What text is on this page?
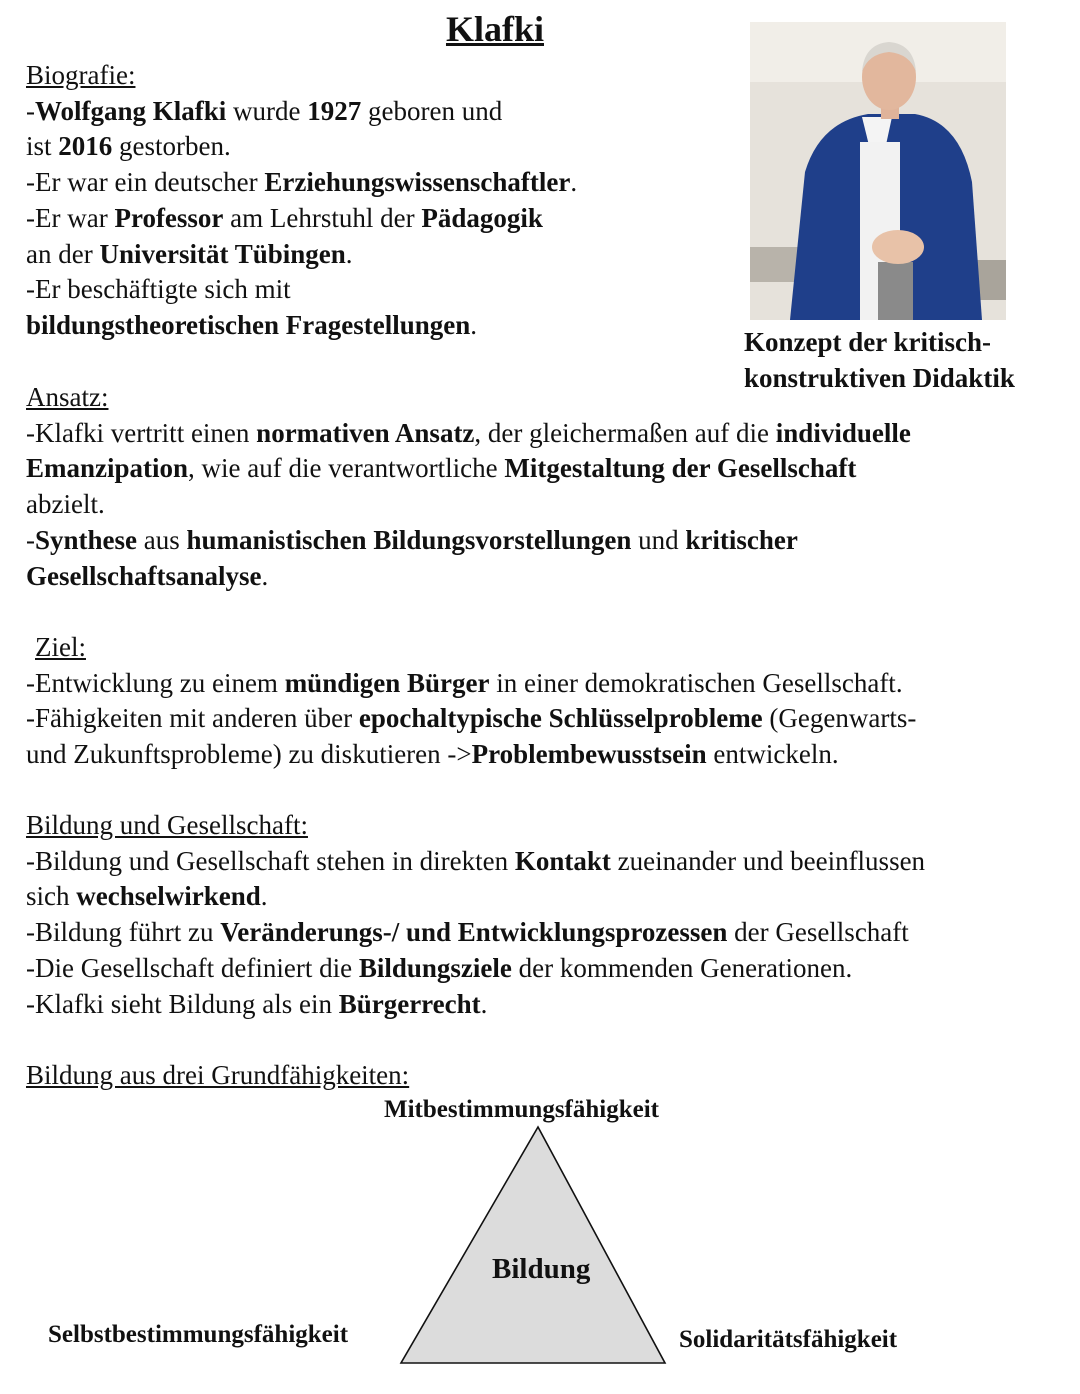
Klafki
Biografie:
-Wolfgang Klafki wurde 1927 geboren und
ist 2016 gestorben.
-Er war ein deutscher Erziehungswissenschaftler.
-Er war Professor am Lehrstuhl der Pädagogik
an der Universität Tübingen.
-Er beschäftigte sich mit
bildungstheoretischen Fragestellungen.
Konzept der kritisch-
konstruktiven Didaktik
Ansatz:
-Klafki vertritt einen normativen Ansatz, der gleichermaßen auf die individuelle
Emanzipation, wie auf die verantwortliche Mitgestaltung der Gesellschaft
abzielt.
-Synthese aus humanistischen Bildungsvorstellungen und kritischer
Gesellschaftsanalyse.
Ziel:
-Entwicklung zu einem mündigen Bürger in einer demokratischen Gesellschaft.
-Fähigkeiten mit anderen über epochaltypische Schlüsselprobleme (Gegenwarts-
und Zukunftsprobleme) zu diskutieren ->Problembewusstsein entwickeln.
Bildung und Gesellschaft:
-Bildung und Gesellschaft stehen in direkten Kontakt zueinander und beeinflussen
sich wechselwirkend.
-Bildung führt zu Veränderungs-/ und Entwicklungsprozessen der Gesellschaft
-Die Gesellschaft definiert die Bildungsziele der kommenden Generationen.
-Klafki sieht Bildung als ein Bürgerrecht.
Bildung aus drei Grundfähigkeiten:
Mitbestimmungsfähigkeit
Bildung
Selbstbestimmungsfähigkeit	Solidaritätsfähigkeit
